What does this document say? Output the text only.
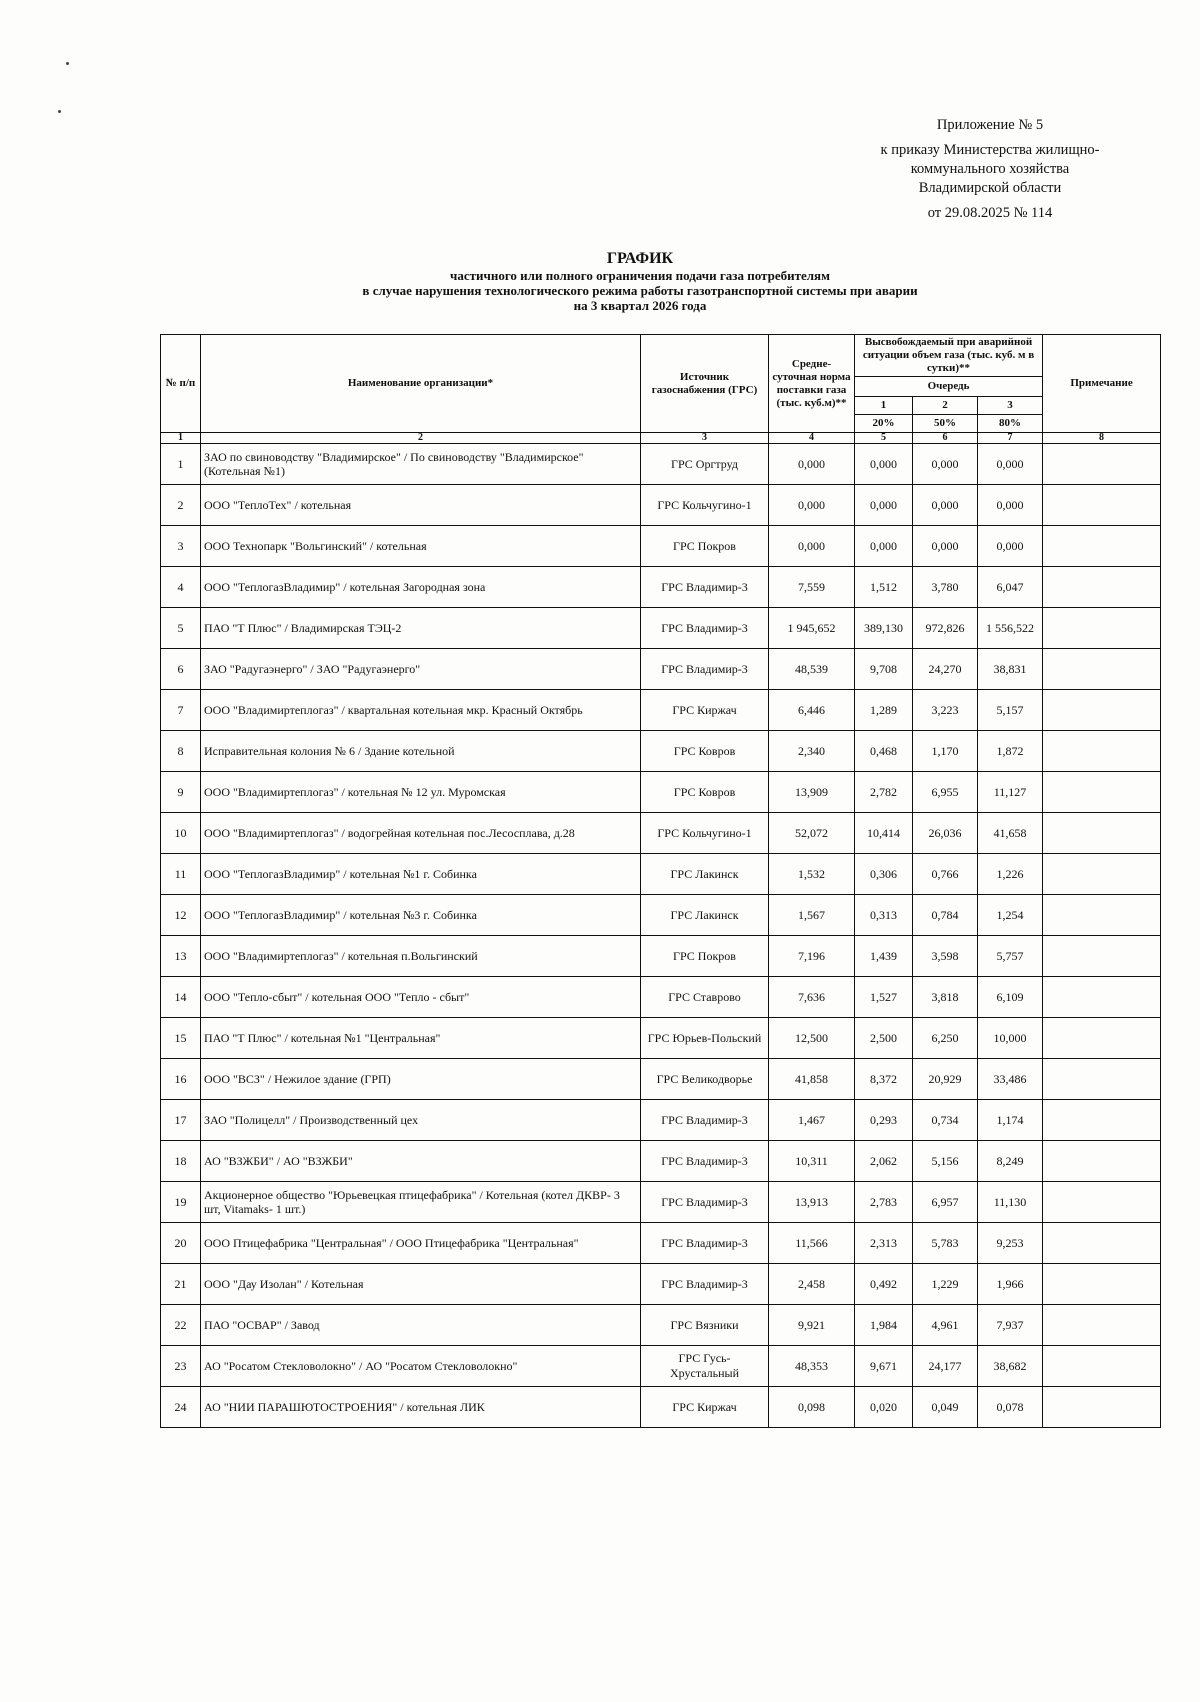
Приложение № 5
к приказу Министерства жилищно-
коммунального хозяйства
Владимирской области
от 29.08.2025 № 114
ГРАФИК
частичного или полного ограничения подачи газа потребителям
в случае нарушения технологического режима работы газотранспортной системы при аварии
на 3 квартал 2026 года
№ п/п	Наименование организации*	Источник газоснабжения (ГРС)	Средне-суточная норма поставки газа (тыс. куб.м)**	Высвобождаемый при аварийной ситуации объем газа (тыс. куб. м в сутки)**			Примечание
				Очередь			
				1	2	3	
				20%	50%	80%	
1	2	3	4	5	6	7	8
1	ЗАО по свиноводству "Владимирское" / По свиноводству "Владимирское" (Котельная №1)	ГРС Оргтруд	0,000	0,000	0,000	0,000	
2	ООО "ТеплоТех" / котельная	ГРС Кольчугино-1	0,000	0,000	0,000	0,000	
3	ООО Технопарк "Вольгинский" / котельная	ГРС Покров	0,000	0,000	0,000	0,000	
4	ООО "ТеплогазВладимир" / котельная Загородная зона	ГРС Владимир-3	7,559	1,512	3,780	6,047	
5	ПАО "Т Плюс" / Владимирская ТЭЦ-2	ГРС Владимир-3	1 945,652	389,130	972,826	1 556,522	
6	ЗАО "Радугаэнерго" / ЗАО "Радугаэнерго"	ГРС Владимир-3	48,539	9,708	24,270	38,831	
7	ООО "Владимиртеплогаз" / квартальная котельная мкр. Красный Октябрь	ГРС Киржач	6,446	1,289	3,223	5,157	
8	Исправительная колония № 6 / Здание котельной	ГРС Ковров	2,340	0,468	1,170	1,872	
9	ООО "Владимиртеплогаз" / котельная № 12 ул. Муромская	ГРС Ковров	13,909	2,782	6,955	11,127	
10	ООО "Владимиртеплогаз" / водогрейная котельная пос.Лесосплава, д.28	ГРС Кольчугино-1	52,072	10,414	26,036	41,658	
11	ООО "ТеплогазВладимир" / котельная №1 г. Собинка	ГРС Лакинск	1,532	0,306	0,766	1,226	
12	ООО "ТеплогазВладимир" / котельная №3 г. Собинка	ГРС Лакинск	1,567	0,313	0,784	1,254	
13	ООО "Владимиртеплогаз" / котельная п.Вольгинский	ГРС Покров	7,196	1,439	3,598	5,757	
14	ООО "Тепло-сбыт" / котельная ООО "Тепло - сбыт"	ГРС Ставрово	7,636	1,527	3,818	6,109	
15	ПАО "Т Плюс" / котельная №1 "Центральная"	ГРС Юрьев-Польский	12,500	2,500	6,250	10,000	
16	ООО "ВСЗ" / Нежилое здание (ГРП)	ГРС Великодворье	41,858	8,372	20,929	33,486	
17	ЗАО "Полицелл" / Производственный цех	ГРС Владимир-3	1,467	0,293	0,734	1,174	
18	АО "ВЗЖБИ" / АО "ВЗЖБИ"	ГРС Владимир-3	10,311	2,062	5,156	8,249	
19	Акционерное общество "Юрьевецкая птицефабрика" / Котельная (котел ДКВР- 3 шт, Vitamaks- 1 шт.)	ГРС Владимир-3	13,913	2,783	6,957	11,130	
20	ООО Птицефабрика "Центральная" / ООО Птицефабрика "Центральная"	ГРС Владимир-3	11,566	2,313	5,783	9,253	
21	ООО "Дау Изолан" / Котельная	ГРС Владимир-3	2,458	0,492	1,229	1,966	
22	ПАО "ОСВАР" / Завод	ГРС Вязники	9,921	1,984	4,961	7,937	
23	АО "Росатом Стекловолокно" / АО "Росатом Стекловолокно"	ГРС Гусь-Хрустальный	48,353	9,671	24,177	38,682	
24	АО "НИИ ПАРАШЮТОСТРОЕНИЯ" / котельная ЛИК	ГРС Киржач	0,098	0,020	0,049	0,078	
